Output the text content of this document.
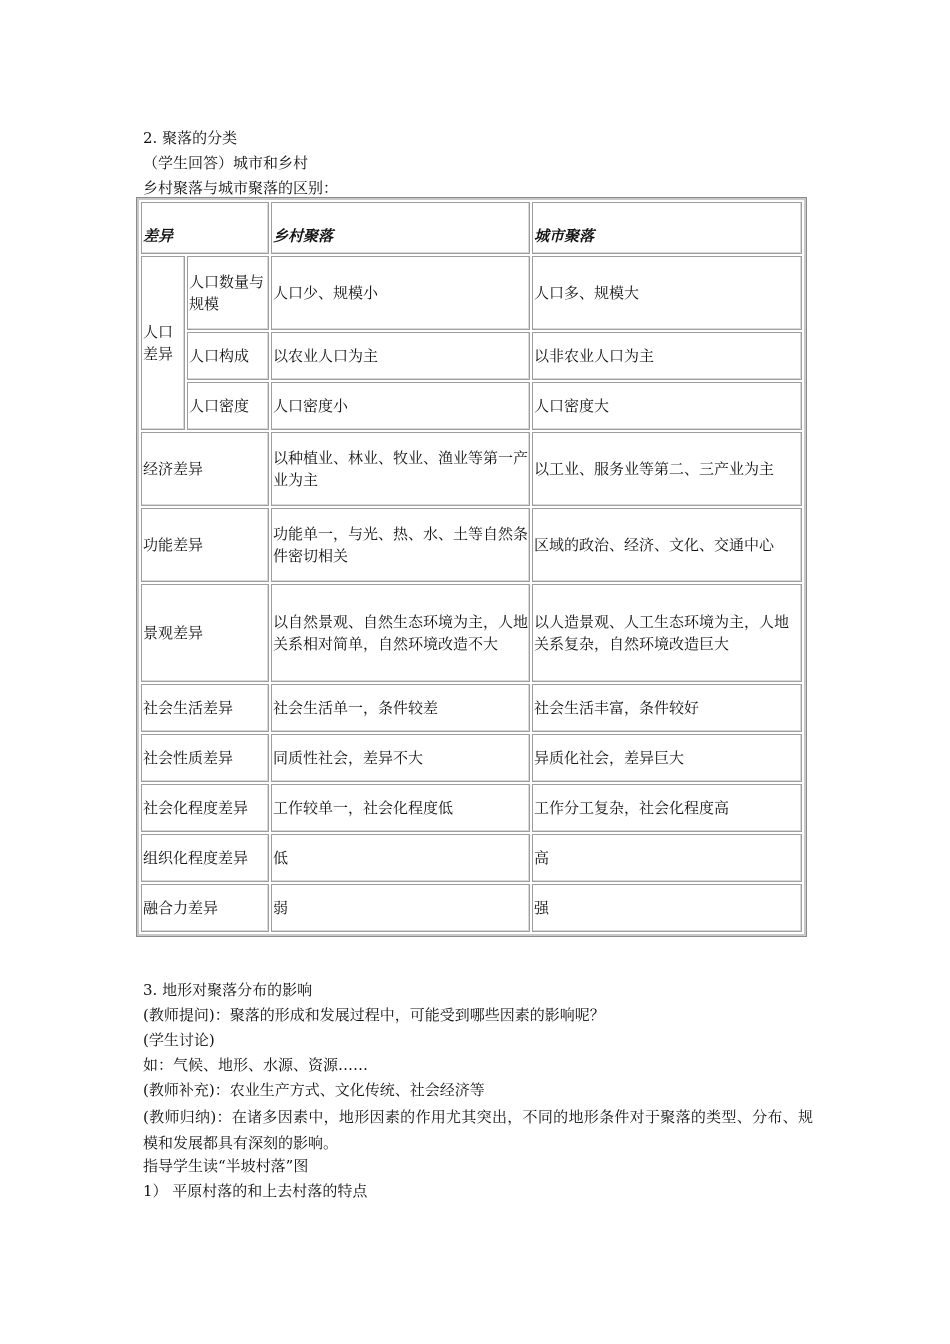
2. 聚落的分类
（学生回答）城市和乡村
乡村聚落与城市聚落的区别：
差异		乡村聚落	城市聚落
人口差异	人口数量与规模	人口少、规模小	人口多、规模大
	人口构成	以农业人口为主	以非农业人口为主
	人口密度	人口密度小	人口密度大
经济差异		以种植业、林业、牧业、渔业等第一产业为主	以工业、服务业等第二、三产业为主
功能差异		功能单一，与光、热、水、土等自然条件密切相关	区域的政治、经济、文化、交通中心
景观差异		以自然景观、自然生态环境为主，人地关系相对简单，自然环境改造不大	以人造景观、人工生态环境为主，人地关系复杂，自然环境改造巨大
社会生活差异		社会生活单一，条件较差	社会生活丰富，条件较好
社会性质差异		同质性社会，差异不大	异质化社会，差异巨大
社会化程度差异		工作较单一，社会化程度低	工作分工复杂，社会化程度高
组织化程度差异		低	高
融合力差异		弱	强
3. 地形对聚落分布的影响
(教师提问)：聚落的形成和发展过程中，可能受到哪些因素的影响呢？
(学生讨论)
如：气候、地形、水源、资源……
(教师补充)：农业生产方式、文化传统、社会经济等
(教师归纳)：在诸多因素中，地形因素的作用尤其突出，不同的地形条件对于聚落的类型、分布、规模和发展都具有深刻的影响。
指导学生读“半坡村落”图
1） 平原村落的和上去村落的特点
